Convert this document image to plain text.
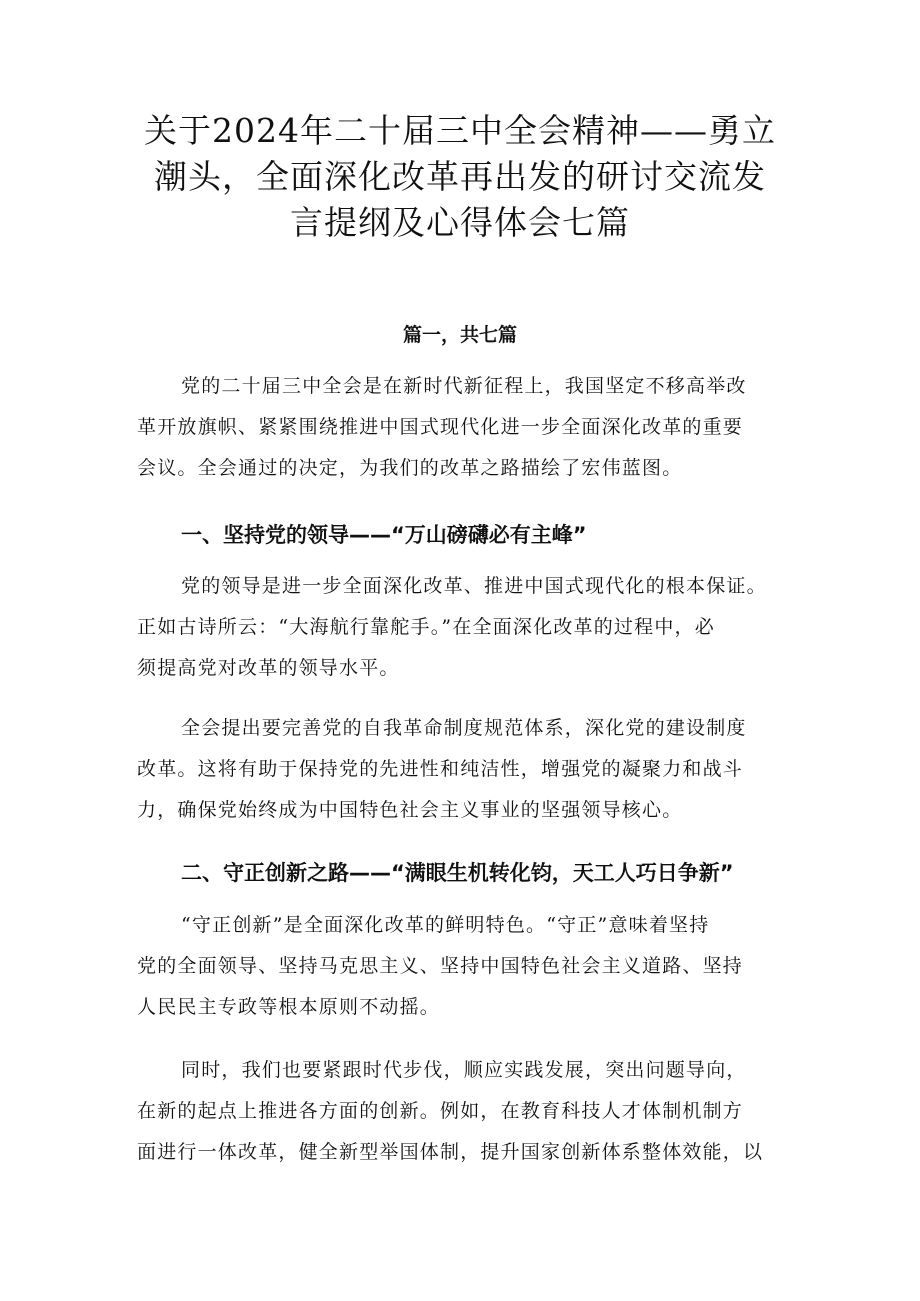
关于2024年二十届三中全会精神——勇立
潮头，全面深化改革再出发的研讨交流发
言提纲及心得体会七篇
篇一，共七篇

党的二十届三中全会是在新时代新征程上，我国坚定不移高举改
革开放旗帜、紧紧围绕推进中国式现代化进一步全面深化改革的重要
会议。全会通过的决定，为我们的改革之路描绘了宏伟蓝图。

一、坚持党的领导——“万山磅礴必有主峰”

党的领导是进一步全面深化改革、推进中国式现代化的根本保证。
正如古诗所云：“大海航行靠舵手。”在全面深化改革的过程中，必
须提高党对改革的领导水平。

全会提出要完善党的自我革命制度规范体系，深化党的建设制度
改革。这将有助于保持党的先进性和纯洁性，增强党的凝聚力和战斗
力，确保党始终成为中国特色社会主义事业的坚强领导核心。

二、守正创新之路——“满眼生机转化钧，天工人巧日争新”

“守正创新”是全面深化改革的鲜明特色。“守正”意味着坚持
党的全面领导、坚持马克思主义、坚持中国特色社会主义道路、坚持
人民民主专政等根本原则不动摇。

同时，我们也要紧跟时代步伐，顺应实践发展，突出问题导向，
在新的起点上推进各方面的创新。例如，在教育科技人才体制机制方
面进行一体改革，健全新型举国体制，提升国家创新体系整体效能，以
